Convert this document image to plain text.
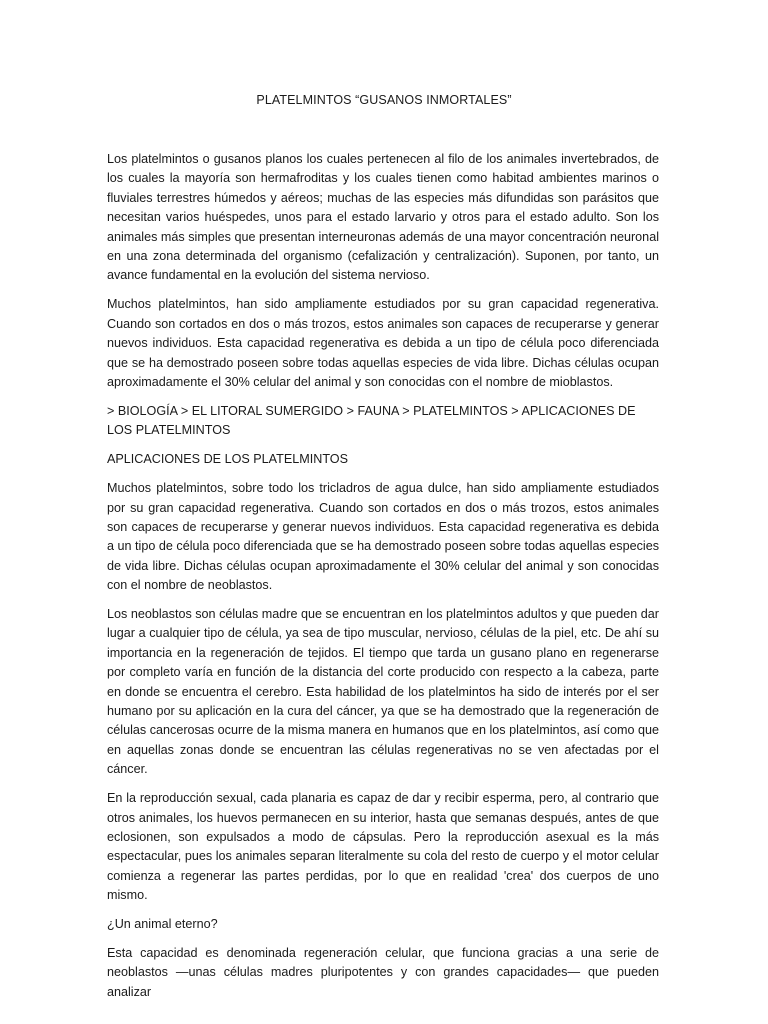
PLATELMINTOS “GUSANOS INMORTALES”

Los platelmintos o gusanos planos los cuales pertenecen al filo de los animales invertebrados, de los cuales la mayoría son hermafroditas y los cuales tienen como habitad ambientes marinos o fluviales terrestres húmedos y aéreos; muchas de las especies más difundidas son parásitos que necesitan varios huéspedes, unos para el estado larvario y otros para el estado adulto. Son los animales más simples que presentan interneuronas además de una mayor concentración neuronal en una zona determinada del organismo (cefalización y centralización). Suponen, por tanto, un avance fundamental en la evolución del sistema nervioso.

Muchos platelmintos, han sido ampliamente estudiados por su gran capacidad regenerativa. Cuando son cortados en dos o más trozos, estos animales son capaces de recuperarse y generar nuevos individuos. Esta capacidad regenerativa es debida a un tipo de célula poco diferenciada que se ha demostrado poseen sobre todas aquellas especies de vida libre. Dichas células ocupan aproximadamente el 30% celular del animal y son conocidas con el nombre de mioblastos.

> BIOLOGÍA > EL LITORAL SUMERGIDO > FAUNA > PLATELMINTOS > APLICACIONES DE LOS PLATELMINTOS

APLICACIONES DE LOS PLATELMINTOS

Muchos platelmintos, sobre todo los tricladros de agua dulce, han sido ampliamente estudiados por su gran capacidad regenerativa. Cuando son cortados en dos o más trozos, estos animales son capaces de recuperarse y generar nuevos individuos. Esta capacidad regenerativa es debida a un tipo de célula poco diferenciada que se ha demostrado poseen sobre todas aquellas especies de vida libre. Dichas células ocupan aproximadamente el 30% celular del animal y son conocidas con el nombre de neoblastos.

Los neoblastos son células madre que se encuentran en los platelmintos adultos y que pueden dar lugar a cualquier tipo de célula, ya sea de tipo muscular, nervioso, células de la piel, etc. De ahí su importancia en la regeneración de tejidos. El tiempo que tarda un gusano plano en regenerarse por completo varía en función de la distancia del corte producido con respecto a la cabeza, parte en donde se encuentra el cerebro. Esta habilidad de los platelmintos ha sido de interés por el ser humano por su aplicación en la cura del cáncer, ya que se ha demostrado que la regeneración de células cancerosas ocurre de la misma manera en humanos que en los platelmintos, así como que en aquellas zonas donde se encuentran las células regenerativas no se ven afectadas por el cáncer.

En la reproducción sexual, cada planaria es capaz de dar y recibir esperma, pero, al contrario que otros animales, los huevos permanecen en su interior, hasta que semanas después, antes de que eclosionen, son expulsados a modo de cápsulas. Pero la reproducción asexual es la más espectacular, pues los animales separan literalmente su cola del resto de cuerpo y el motor celular comienza a regenerar las partes perdidas, por lo que en realidad 'crea' dos cuerpos de uno mismo.

¿Un animal eterno?

Esta capacidad es denominada regeneración celular, que funciona gracias a una serie de neoblastos —unas células madres pluripotentes y con grandes capacidades— que pueden analizar
